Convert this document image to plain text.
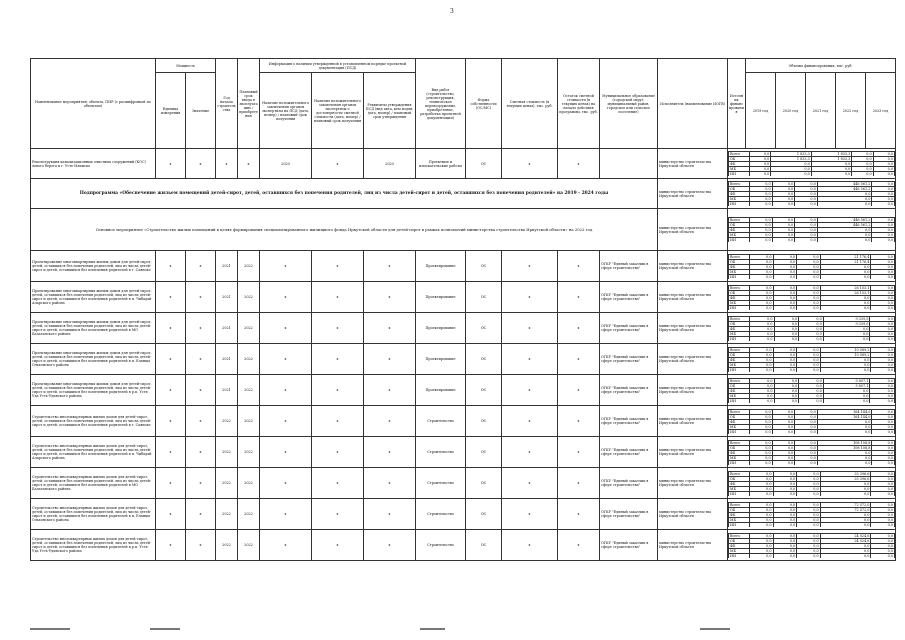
3
Наименование мероприятия, объекта, ПИР (с расшифровкой по объектам)	Мощность	Год начала строительства	Плановый срок ввода в эксплуатацию / приобретения	Информация о наличии утвержденной в установленном порядке проектной документации (ПСД)	Вид работ (строительство, реконструкция, техническое перевооружение, приобретение, разработка проектной документации)	Форма собственности (ОС/МС)	Сметная стоимость (в текущих ценах), тыс. руб.	Остаток сметной стоимости (в текущих ценах) на начало действия программы, тыс. руб.	Муниципальное образование (городской округ, муниципальный район, городское или сельское поселение)	Исполнитель (наименование ИОГВ)	Источник финансирования	Объемы финансирования, тыс. руб.
Единица измерения	Значение	Наличие положительного заключения органов экспертизы на ПСД (дата, номер) / плановый срок получения	Наличие положительного заключения органов экспертизы о достоверности сметной стоимости (дата, номер) / плановый срок получения	Реквизиты утверждения ПСД (вид акта, кем издан, дата, номер) / плановый срок утверждения	2019 год	2020 год	2021 год	2022 год	2023 год

Реконструкция канализационных очистных сооружений (КОС) левого берега в г. Усть-Илимске	х	х	х	х	2020	х	2020	Проектные и изыскательские работы	ОС	х	х		министерство строительства Иркутской области	
Всего	0,0	1 833,3	1 833,3	0,0	0,0
ОБ	0,0	1 833,3	1 833,3	0,0	0,0
ФБ	0,0	0,0	0,0	0,0	0,0
МБ	0,0	0,0	0,0	0,0	0,0
ИИ	0,0	0,0	0,0	0,0	0,0

Подпрограмма «Обеспечение жильем помещений детей-сирот, детей, оставшихся без попечения родителей, лиц из числа детей-сирот и детей, оставшихся без попечения родителей» на 2019 - 2024 годы	министерство строительства Иркутской области	
Всего	0,0	0,0	0,0	446 561,2	0,0
ОБ	0,0	0,0	0,0	446 561,2	0,0
ФБ	0,0	0,0	0,0	0,0	0,0
МБ	0,0	0,0	0,0	0,0	0,0
ИИ	0,0	0,0	0,0	0,0	0,0

Основное мероприятие «Строительство жилых помещений в целях формирования специализированного жилищного фонда Иркутской области для детей-сирот в рамках полномочий министерства строительства Иркутской области» на 2022 год	министерство строительства Иркутской области	
Всего	0,0	0,0	0,0	446 561,2	0,0
ОБ	0,0	0,0	0,0	446 561,2	0,0
ФБ	0,0	0,0	0,0	0,0	0,0
МБ	0,0	0,0	0,0	0,0	0,0
ИИ	0,0	0,0	0,0	0,0	0,0

Проектирование многоквартирных жилых домов для детей-сирот, детей, оставшихся без попечения родителей, лиц из числа детей-сирот и детей, оставшихся без попечения родителей в г. Саянске	х	х	2021	2022	х	х	х	Проектирование	ОС	х	х	ОГКУ "Единый заказчик в сфере строительства"	министерство строительства Иркутской области	
Всего	0,0	0,0	0,0	21 176,4	0,0
ОБ	0,0	0,0	0,0	21 176,4	0,0
ФБ	0,0	0,0	0,0	0,0	0,0
МБ	0,0	0,0	0,0	0,0	0,0
ИИ	0,0	0,0	0,0	0,0	0,0

Проектирование многоквартирных жилых домов для детей-сирот, детей, оставшихся без попечения родителей, лиц из числа детей-сирот и детей, оставшихся без попечения родителей в п. Чибадай Аларского района	х	х	2021	2022	х	х	х	Проектирование	ОС	х	х	ОГКУ "Единый заказчик в сфере строительства"	министерство строительства Иркутской области	
Всего	0,0	0,0	0,0	26 153,1	0,0
ОБ	0,0	0,0	0,0	26 153,1	0,0
ФБ	0,0	0,0	0,0	0,0	0,0
МБ	0,0	0,0	0,0	0,0	0,0
ИИ	0,0	0,0	0,0	0,0	0,0

Проектирование многоквартирных жилых домов для детей-сирот, детей, оставшихся без попечения родителей, лиц из числа детей-сирот и детей, оставшихся без попечения родителей в МО Балаганского района	х	х	2021	2022	х	х	х	Проектирование	ОС	х	х	ОГКУ "Единый заказчик в сфере строительства"	министерство строительства Иркутской области	
Всего	0,0	0,0	0,0	9 339,5	0,0
ОБ	0,0	0,0	0,0	9 339,5	0,0
ФБ	0,0	0,0	0,0	0,0	0,0
МБ	0,0	0,0	0,0	0,0	0,0
ИИ	0,0	0,0	0,0	0,0	0,0

Проектирование многоквартирных жилых домов для детей-сирот, детей, оставшихся без попечения родителей, лиц из числа детей-сирот и детей, оставшихся без попечения родителей в п. Еланцы Ольхонского района	х	х	2021	2022	х	х	х	Проектирование	ОС	х	х	ОГКУ "Единый заказчик в сфере строительства"	министерство строительства Иркутской области	
Всего	0,0	0,0	0,0	10 589,2	0,0
ОБ	0,0	0,0	0,0	10 589,2	0,0
ФБ	0,0	0,0	0,0	0,0	0,0
МБ	0,0	0,0	0,0	0,0	0,0
ИИ	0,0	0,0	0,0	0,0	0,0

Проектирование многоквартирных жилых домов для детей-сирот, детей, оставшихся без попечения родителей, лиц из числа детей-сирот и детей, оставшихся без попечения родителей в р.п. Усть-Уда Усть-Удинского района	х	х	2021	2022	х	х	х	Проектирование	ОС	х	х	ОГКУ "Единый заказчик в сфере строительства"	министерство строительства Иркутской области	
Всего	0,0	0,0	0,0	5 807,1	0,0
ОБ	0,0	0,0	0,0	5 807,1	0,0
ФБ	0,0	0,0	0,0	0,0	0,0
МБ	0,0	0,0	0,0	0,0	0,0
ИИ	0,0	0,0	0,0	0,0	0,0

Строительство многоквартирных жилых домов для детей-сирот, детей, оставшихся без попечения родителей, лиц из числа детей-сирот и детей, оставшихся без попечения родителей в г. Саянске	х	х	2022	2022	х	х	х	Строительство	ОС	х	х	ОГКУ "Единый заказчик в сфере строительства"	министерство строительства Иркутской области	
Всего	0,0	0,0	0,0	164 144,0	0,0
ОБ	0,0	0,0	0,0	164 144,0	0,0
ФБ	0,0	0,0	0,0	0,0	0,0
МБ	0,0	0,0	0,0	0,0	0,0
ИИ	0,0	0,0	0,0	0,0	0,0

Строительство многоквартирных жилых домов для детей-сирот, детей, оставшихся без попечения родителей, лиц из числа детей-сирот и детей, оставшихся без попечения родителей в п. Чибадай Аларского района	х	х	2022	2022	х	х	х	Строительство	ОС	х	х	ОГКУ "Единый заказчик в сфере строительства"	министерство строительства Иркутской области	
Всего	0,0	0,0	0,0	108 108,8	0,0
ОБ	0,0	0,0	0,0	108 108,8	0,0
ФБ	0,0	0,0	0,0	0,0	0,0
МБ	0,0	0,0	0,0	0,0	0,0
ИИ	0,0	0,0	0,0	0,0	0,0

Строительство многоквартирных жилых домов для детей-сирот, детей, оставшихся без попечения родителей, лиц из числа детей-сирот и детей, оставшихся без попечения родителей в МО Балаганского района	х	х	2022	2022	х	х	х	Строительство	ОС	х	х	ОГКУ "Единый заказчик в сфере строительства"	министерство строительства Иркутской области	
Всего	0,0	0,0	0,0	25 396,6	0,0
ОБ	0,0	0,0	0,0	25 396,6	0,0
ФБ	0,0	0,0	0,0	0,0	0,0
МБ	0,0	0,0	0,0	0,0	0,0
ИИ	0,0	0,0	0,0	0,0	0,0

Строительство многоквартирных жилых домов для детей-сирот, детей, оставшихся без попечения родителей, лиц из числа детей-сирот и детей, оставшихся без попечения родителей в п. Еланцы Ольхонского района	х	х	2022	2022	х	х	х	Строительство	ОС	х	х	ОГКУ "Единый заказчик в сфере строительства"	министерство строительства Иркутской области	
Всего	0,0	0,0	0,0	72 572,0	0,0
ОБ	0,0	0,0	0,0	72 572,0	0,0
ФБ	0,0	0,0	0,0	0,0	0,0
МБ	0,0	0,0	0,0	0,0	0,0
ИИ	0,0	0,0	0,0	0,0	0,0

Строительство многоквартирных жилых домов для детей-сирот, детей, оставшихся без попечения родителей, лиц из числа детей-сирот и детей, оставшихся без попечения родителей в р.п. Усть-Уда Усть-Удинского района	х	х	2022	2022	х	х	х	Строительство	ОС	х	х	ОГКУ "Единый заказчик в сфере строительства"	министерство строительства Иркутской области	
Всего	0,0	0,0	0,0	24 024,6	0,0
ОБ	0,0	0,0	0,0	24 024,6	0,0
ФБ	0,0	0,0	0,0	0,0	0,0
МБ	0,0	0,0	0,0	0,0	0,0
ИИ	0,0	0,0	0,0	0,0	0,0
